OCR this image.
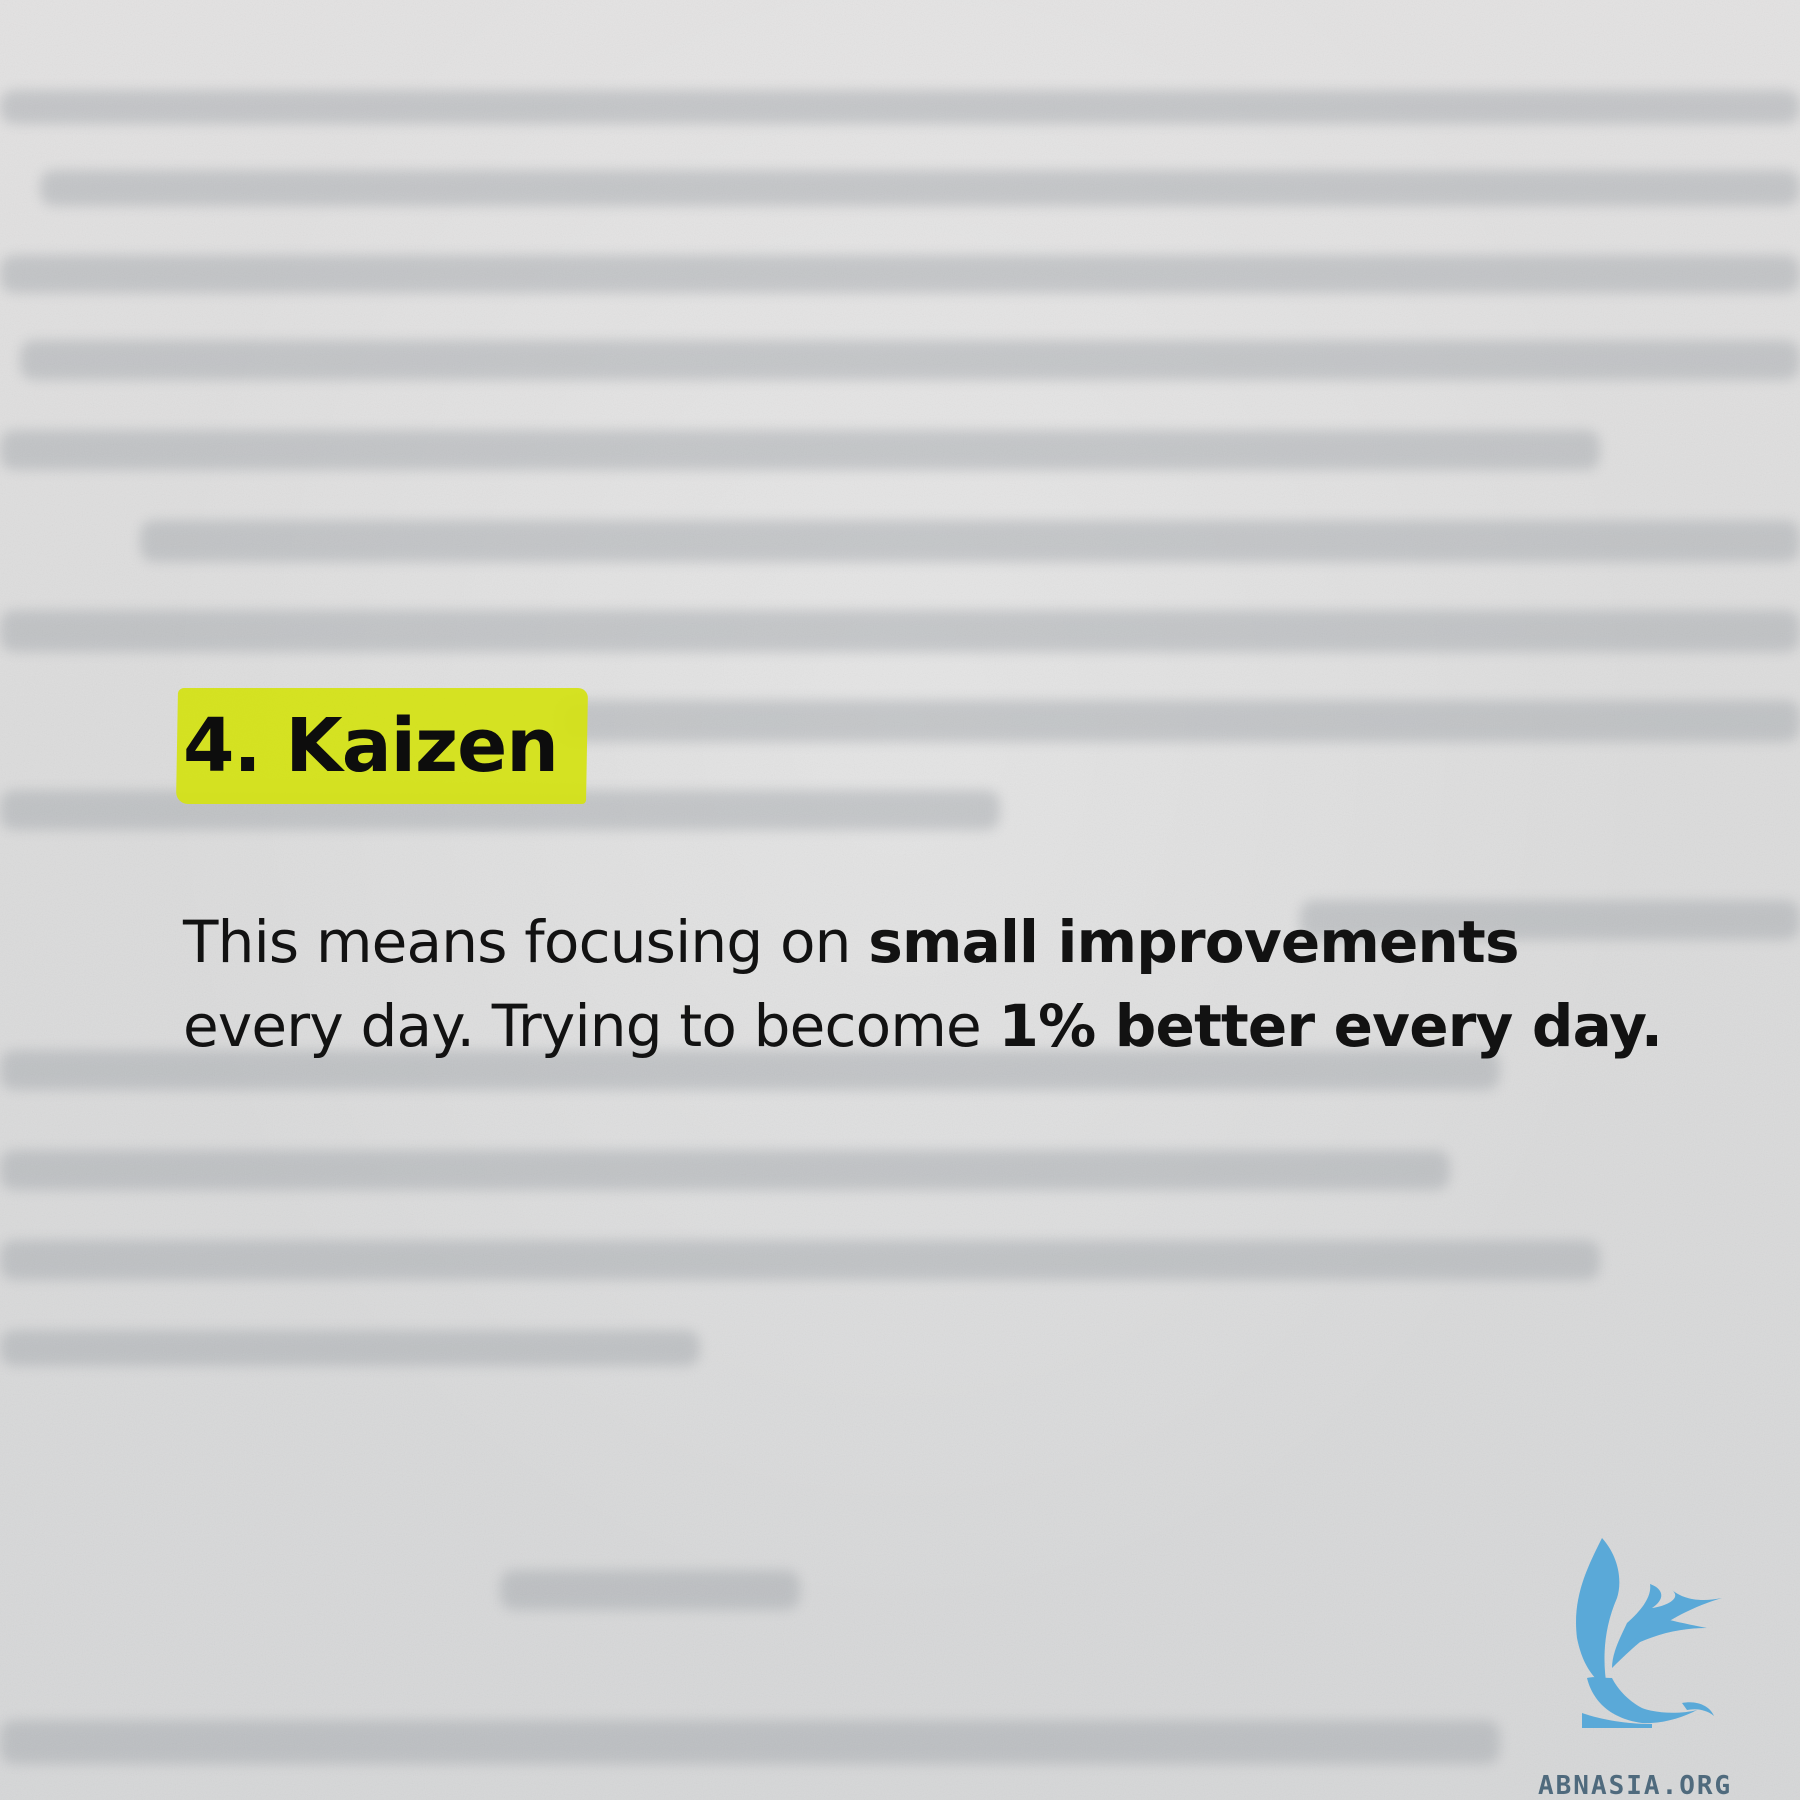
4. Kaizen
This means focusing on small improvements every day. Trying to become 1% better every day.
ABNASIA.ORG
